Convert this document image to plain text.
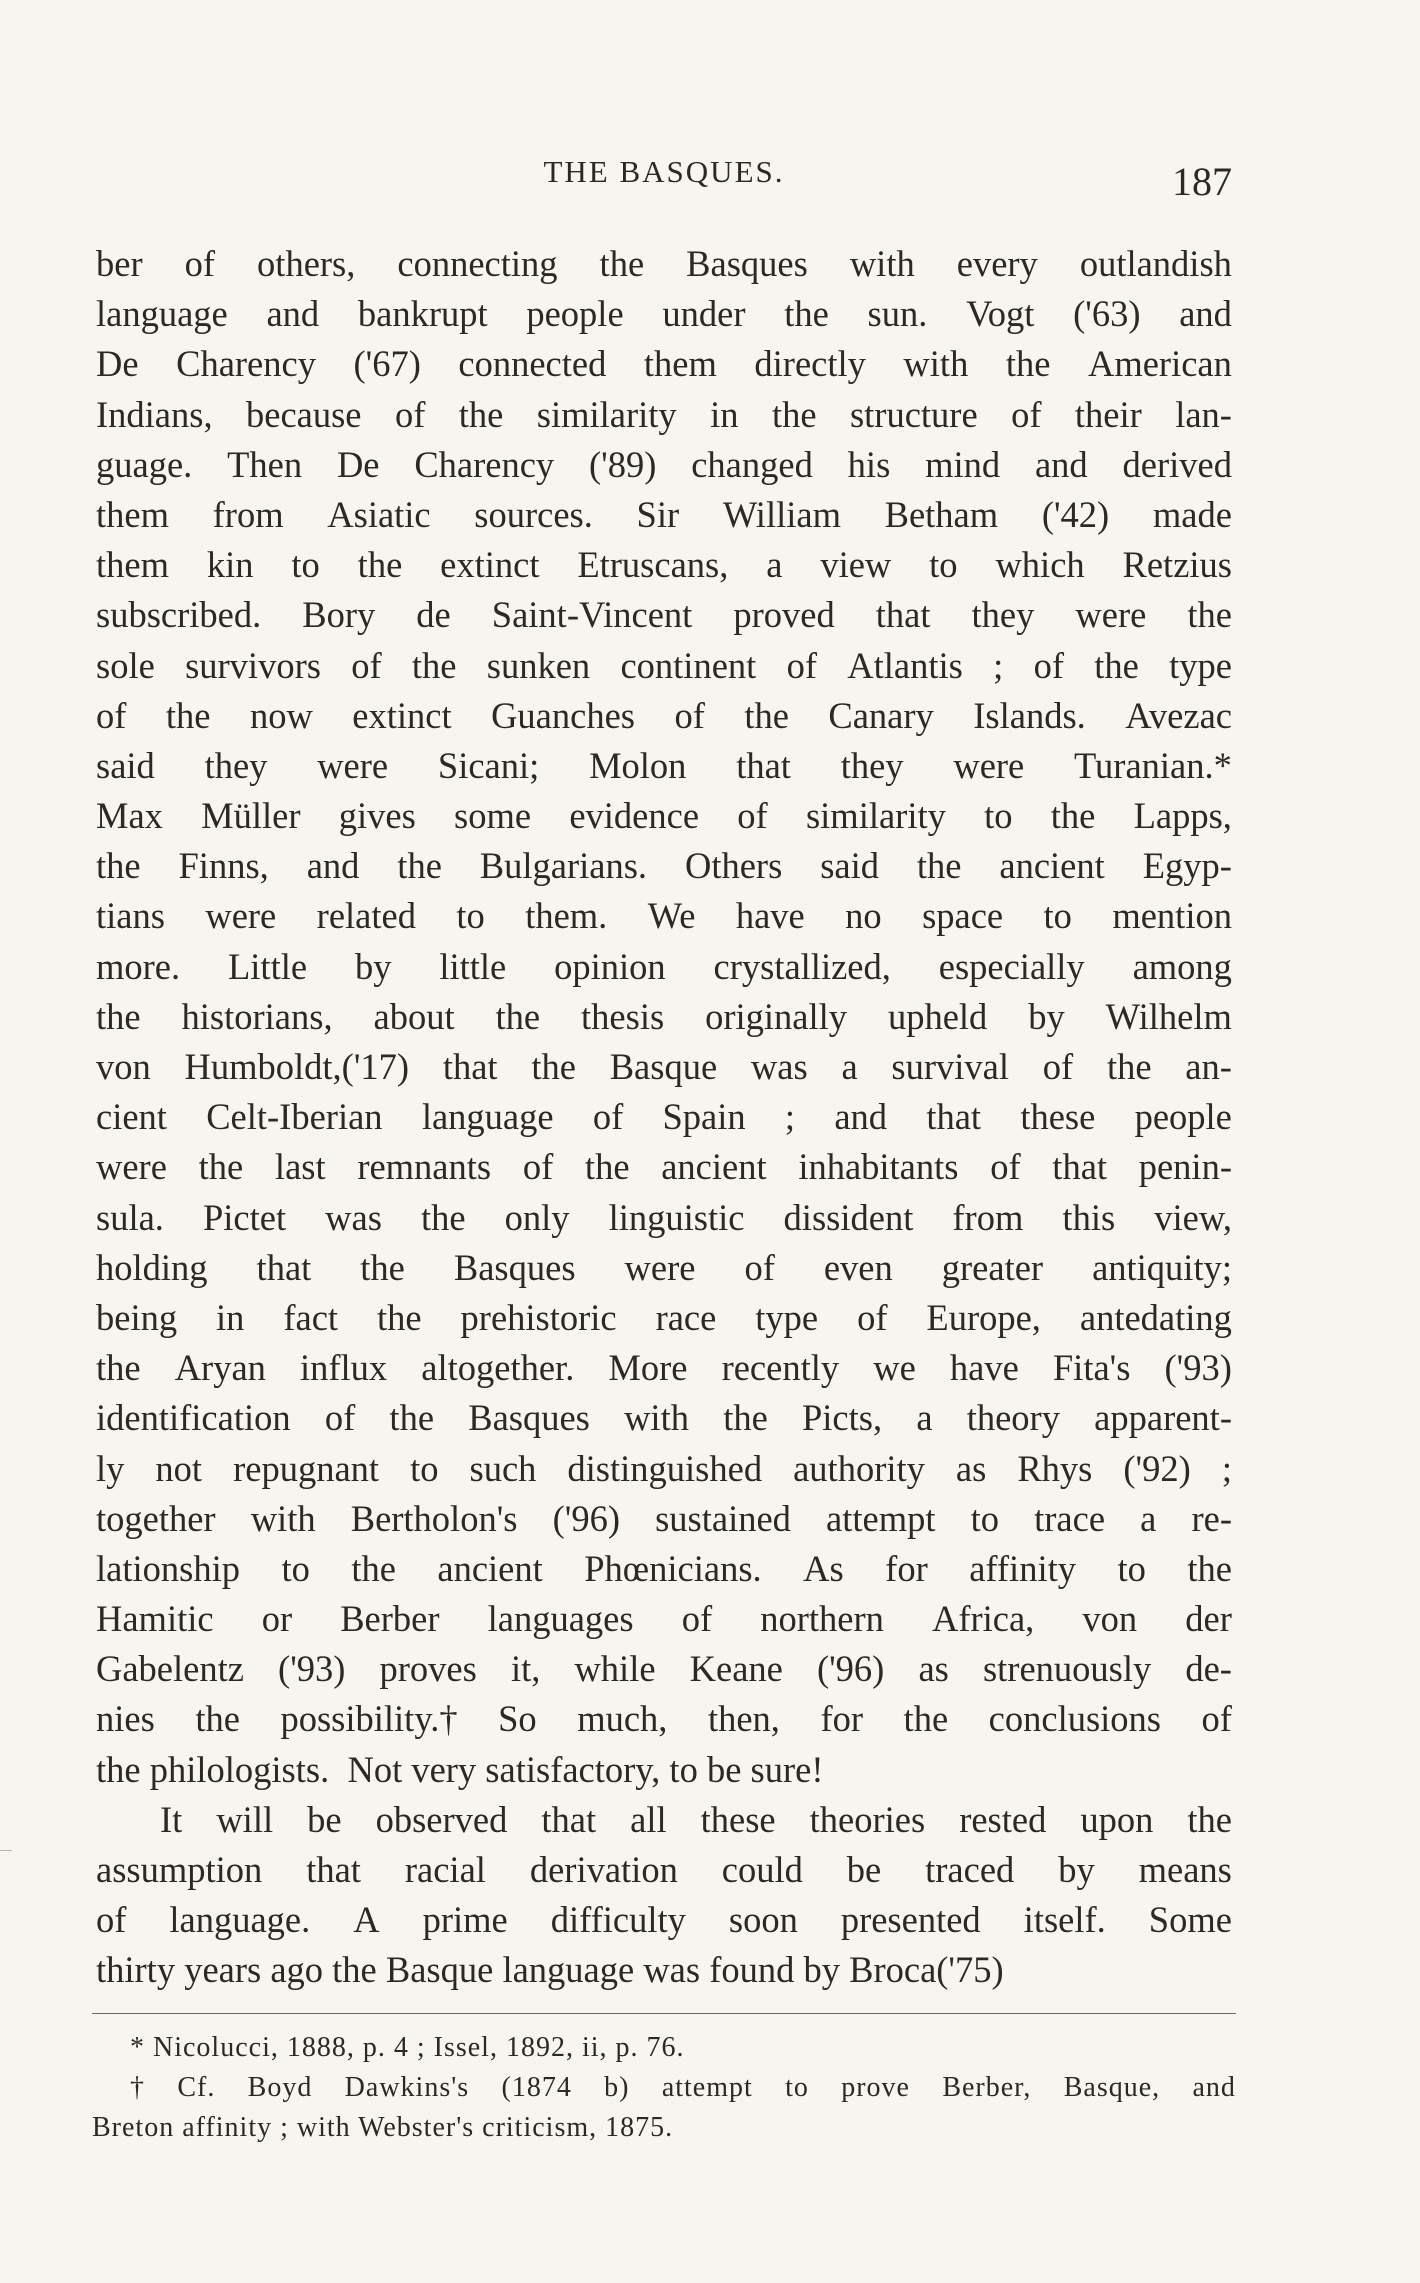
THE BASQUES.	187
ber of others, connecting the Basques with every outlandish
language and bankrupt people under the sun. Vogt ('63) and
De Charency ('67) connected them directly with the American
Indians, because of the similarity in the structure of their lan-
guage. Then De Charency ('89) changed his mind and derived
them from Asiatic sources. Sir William Betham ('42) made
them kin to the extinct Etruscans, a view to which Retzius
subscribed. Bory de Saint-Vincent proved that they were the
sole survivors of the sunken continent of Atlantis ; of the type
of the now extinct Guanches of the Canary Islands. Avezac
said they were Sicani; Molon that they were Turanian.*
Max Müller gives some evidence of similarity to the Lapps,
the Finns, and the Bulgarians. Others said the ancient Egyp-
tians were related to them. We have no space to mention
more. Little by little opinion crystallized, especially among
the historians, about the thesis originally upheld by Wilhelm
von Humboldt,('17) that the Basque was a survival of the an-
cient Celt-Iberian language of Spain ; and that these people
were the last remnants of the ancient inhabitants of that penin-
sula. Pictet was the only linguistic dissident from this view,
holding that the Basques were of even greater antiquity;
being in fact the prehistoric race type of Europe, antedating
the Aryan influx altogether. More recently we have Fita's ('93)
identification of the Basques with the Picts, a theory apparent-
ly not repugnant to such distinguished authority as Rhys ('92) ;
together with Bertholon's ('96) sustained attempt to trace a re-
lationship to the ancient Phœnicians. As for affinity to the
Hamitic or Berber languages of northern Africa, von der
Gabelentz ('93) proves it, while Keane ('96) as strenuously de-
nies the possibility.† So much, then, for the conclusions of
the philologists.  Not very satisfactory, to be sure!
It will be observed that all these theories rested upon the
assumption that racial derivation could be traced by means
of language. A prime difficulty soon presented itself. Some
thirty years ago the Basque language was found by Broca('75)
* Nicolucci, 1888, p. 4 ; Issel, 1892, ii, p. 76.
† Cf. Boyd Dawkins's (1874 b) attempt to prove Berber, Basque, and
Breton affinity ; with Webster's criticism, 1875.
